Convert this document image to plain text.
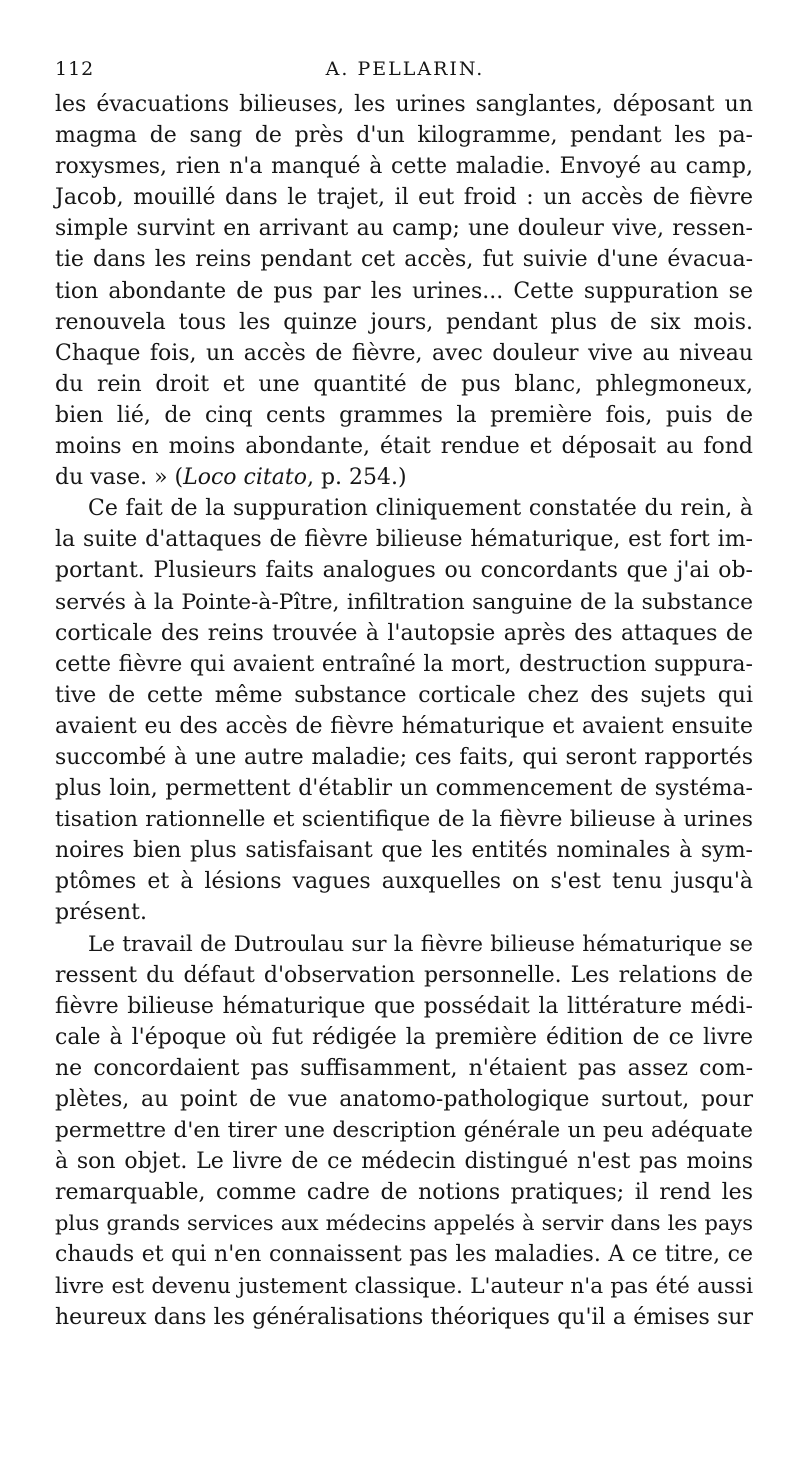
112	A. PELLARIN.
les évacuations bilieuses, les urines sanglantes, déposant un
magma de sang de près d'un kilogramme, pendant les pa-
roxysmes, rien n'a manqué à cette maladie. Envoyé au camp,
Jacob, mouillé dans le trajet, il eut froid : un accès de fièvre
simple survint en arrivant au camp; une douleur vive, ressen-
tie dans les reins pendant cet accès, fut suivie d'une évacua-
tion abondante de pus par les urines... Cette suppuration se
renouvela tous les quinze jours, pendant plus de six mois.
Chaque fois, un accès de fièvre, avec douleur vive au niveau
du rein droit et une quantité de pus blanc, phlegmoneux,
bien lié, de cinq cents grammes la première fois, puis de
moins en moins abondante, était rendue et déposait au fond
du vase. » (Loco citato, p. 254.)
Ce fait de la suppuration cliniquement constatée du rein, à
la suite d'attaques de fièvre bilieuse hématurique, est fort im-
portant. Plusieurs faits analogues ou concordants que j'ai ob-
servés à la Pointe-à-Pître, infiltration sanguine de la substance
corticale des reins trouvée à l'autopsie après des attaques de
cette fièvre qui avaient entraîné la mort, destruction suppura-
tive de cette même substance corticale chez des sujets qui
avaient eu des accès de fièvre hématurique et avaient ensuite
succombé à une autre maladie; ces faits, qui seront rapportés
plus loin, permettent d'établir un commencement de systéma-
tisation rationnelle et scientifique de la fièvre bilieuse à urines
noires bien plus satisfaisant que les entités nominales à sym-
ptômes et à lésions vagues auxquelles on s'est tenu jusqu'à
présent.
Le travail de Dutroulau sur la fièvre bilieuse hématurique se
ressent du défaut d'observation personnelle. Les relations de
fièvre bilieuse hématurique que possédait la littérature médi-
cale à l'époque où fut rédigée la première édition de ce livre
ne concordaient pas suffisamment, n'étaient pas assez com-
plètes, au point de vue anatomo-pathologique surtout, pour
permettre d'en tirer une description générale un peu adéquate
à son objet. Le livre de ce médecin distingué n'est pas moins
remarquable, comme cadre de notions pratiques; il rend les
plus grands services aux médecins appelés à servir dans les pays
chauds et qui n'en connaissent pas les maladies. A ce titre, ce
livre est devenu justement classique. L'auteur n'a pas été aussi
heureux dans les généralisations théoriques qu'il a émises sur
